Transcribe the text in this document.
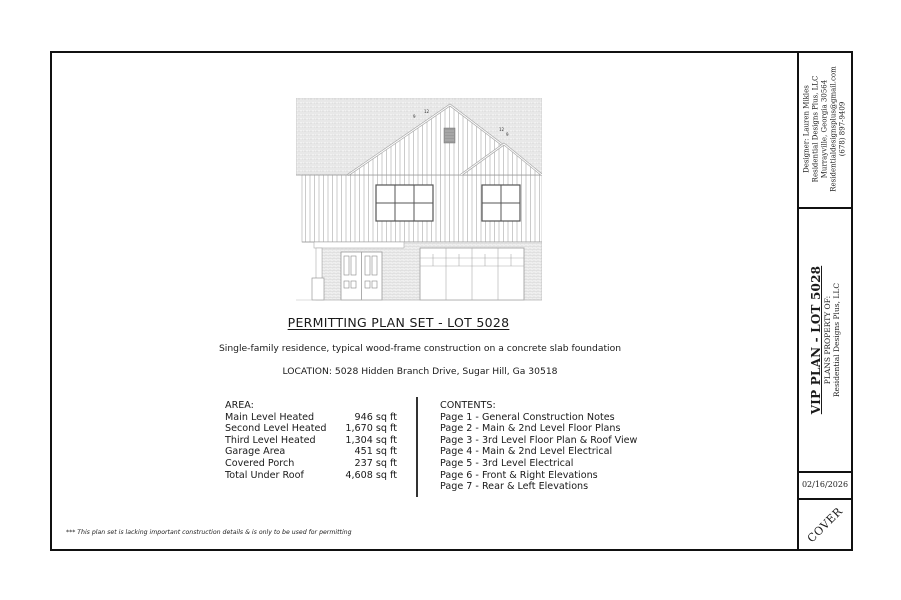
12
9
12
9
PERMITTING PLAN SET - LOT 5028
Single-family residence, typical wood-frame construction on a concrete slab foundation
LOCATION: 5028 Hidden Branch Drive, Sugar Hill, Ga 30518
AREA:
Main Level Heated	946 sq ft
Second Level Heated 1,670 sq ft
Third Level Heated	1,304 sq ft
Garage Area	451 sq ft
Covered Porch	237 sq ft
Total Under Roof	4,608 sq ft
CONTENTS:
Page 1 - General Construction Notes
Page 2 - Main & 2nd Level Floor Plans
Page 3 - 3rd Level Floor Plan & Roof View
Page 4 - Main & 2nd Level Electrical
Page 5 - 3rd Level Electrical
Page 6 - Front & Right Elevations
Page 7 - Rear & Left Elevations
*** This plan set is lacking important construction details & is only to be used for permitting
Designer: Lauren Mikles Residential Designs Plus, LLC Murrayville, Georgia 30564 Residentialdesignsplus@gmail.com (678) 897-9409
VIP PLAN - LOT 5028 PLANS PROPERTY OF: Residential Designs Plus, LLC
02/16/2026
COVER
